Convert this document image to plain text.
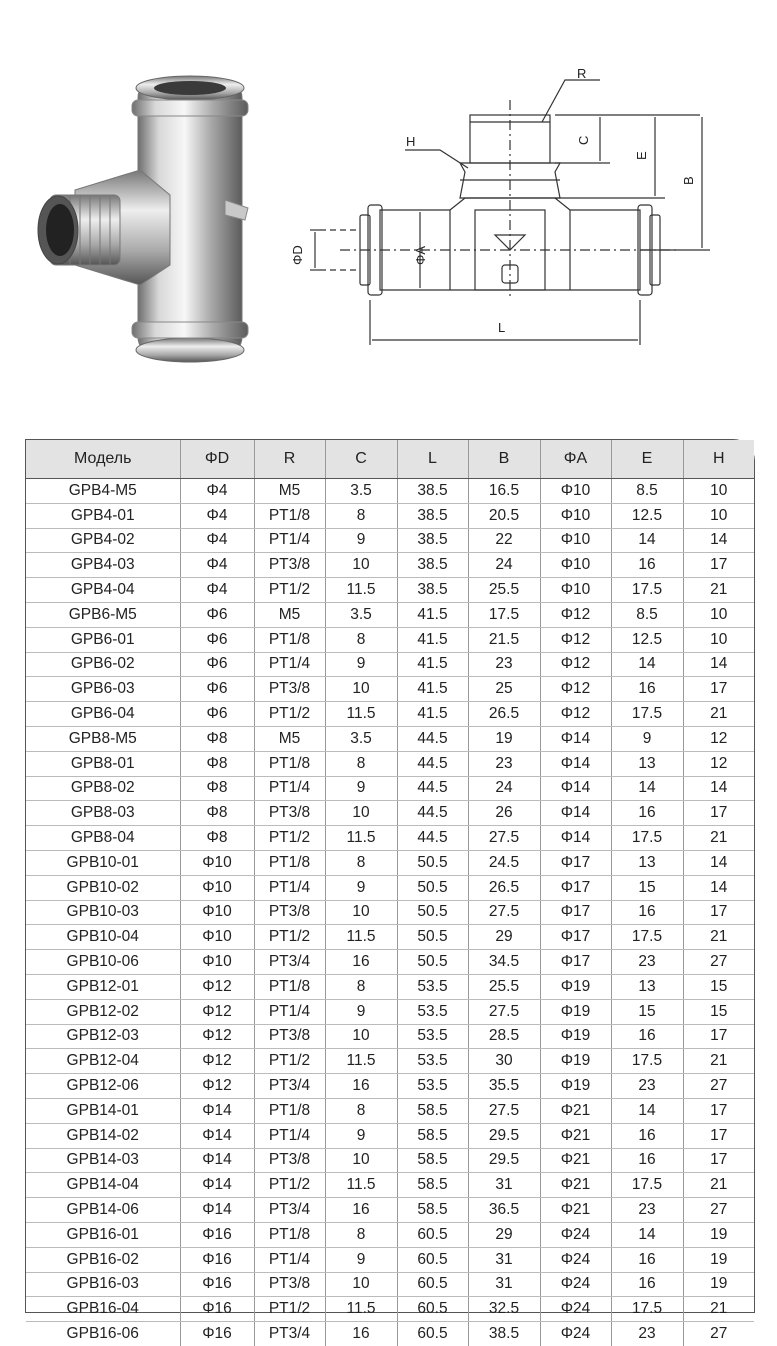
R
C
E
B
H
ΦD	ΦA
L
Модель	ΦD	R	C	L	B	ΦA	E	H
GPB4-M5	Φ4	M5	3.5	38.5	16.5	Φ10	8.5	10
GPB4-01	Φ4	PT1/8	8	38.5	20.5	Φ10	12.5	10
GPB4-02	Φ4	PT1/4	9	38.5	22	Φ10	14	14
GPB4-03	Φ4	PT3/8	10	38.5	24	Φ10	16	17
GPB4-04	Φ4	PT1/2	11.5	38.5	25.5	Φ10	17.5	21
GPB6-M5	Φ6	M5	3.5	41.5	17.5	Φ12	8.5	10
GPB6-01	Φ6	PT1/8	8	41.5	21.5	Φ12	12.5	10
GPB6-02	Φ6	PT1/4	9	41.5	23	Φ12	14	14
GPB6-03	Φ6	PT3/8	10	41.5	25	Φ12	16	17
GPB6-04	Φ6	PT1/2	11.5	41.5	26.5	Φ12	17.5	21
GPB8-M5	Φ8	M5	3.5	44.5	19	Φ14	9	12
GPB8-01	Φ8	PT1/8	8	44.5	23	Φ14	13	12
GPB8-02	Φ8	PT1/4	9	44.5	24	Φ14	14	14
GPB8-03	Φ8	PT3/8	10	44.5	26	Φ14	16	17
GPB8-04	Φ8	PT1/2	11.5	44.5	27.5	Φ14	17.5	21
GPB10-01	Φ10	PT1/8	8	50.5	24.5	Φ17	13	14
GPB10-02	Φ10	PT1/4	9	50.5	26.5	Φ17	15	14
GPB10-03	Φ10	PT3/8	10	50.5	27.5	Φ17	16	17
GPB10-04	Φ10	PT1/2	11.5	50.5	29	Φ17	17.5	21
GPB10-06	Φ10	PT3/4	16	50.5	34.5	Φ17	23	27
GPB12-01	Φ12	PT1/8	8	53.5	25.5	Φ19	13	15
GPB12-02	Φ12	PT1/4	9	53.5	27.5	Φ19	15	15
GPB12-03	Φ12	PT3/8	10	53.5	28.5	Φ19	16	17
GPB12-04	Φ12	PT1/2	11.5	53.5	30	Φ19	17.5	21
GPB12-06	Φ12	PT3/4	16	53.5	35.5	Φ19	23	27
GPB14-01	Φ14	PT1/8	8	58.5	27.5	Φ21	14	17
GPB14-02	Φ14	PT1/4	9	58.5	29.5	Φ21	16	17
GPB14-03	Φ14	PT3/8	10	58.5	29.5	Φ21	16	17
GPB14-04	Φ14	PT1/2	11.5	58.5	31	Φ21	17.5	21
GPB14-06	Φ14	PT3/4	16	58.5	36.5	Φ21	23	27
GPB16-01	Φ16	PT1/8	8	60.5	29	Φ24	14	19
GPB16-02	Φ16	PT1/4	9	60.5	31	Φ24	16	19
GPB16-03	Φ16	PT3/8	10	60.5	31	Φ24	16	19
GPB16-04	Φ16	PT1/2	11.5	60.5	32.5	Φ24	17.5	21
GPB16-06	Φ16	PT3/4	16	60.5	38.5	Φ24	23	27
